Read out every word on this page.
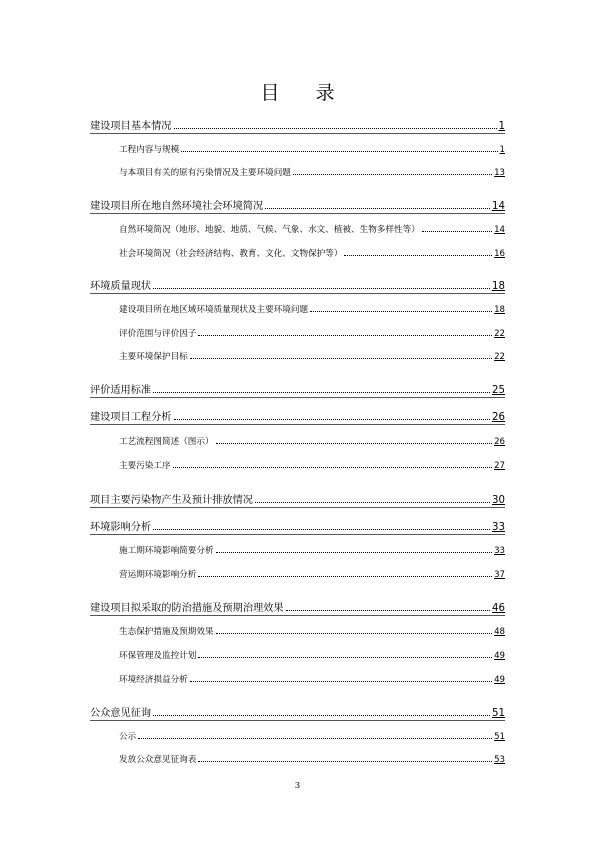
目录
建设项目基本情况	1
工程内容与规模	1
与本项目有关的原有污染情况及主要环境问题	13
建设项目所在地自然环境社会环境简况	14
自然环境简况（地形、地貌、地质、气候、气象、水文、植被、生物多样性等）	14
社会环境简况（社会经济结构、教育、文化、文物保护等）	16
环境质量现状	18
建设项目所在地区域环境质量现状及主要环境问题	18
评价范围与评价因子	22
主要环境保护目标	22
评价适用标准	25
建设项目工程分析	26
工艺流程图简述（图示）	26
主要污染工序	27
项目主要污染物产生及预计排放情况	30
环境影响分析	33
施工期环境影响简要分析	33
营运期环境影响分析	37
建设项目拟采取的防治措施及预期治理效果	46
生态保护措施及预期效果	48
环保管理及监控计划	49
环境经济损益分析	49
公众意见征询	51
公示	51
发放公众意见征询表	53
3
